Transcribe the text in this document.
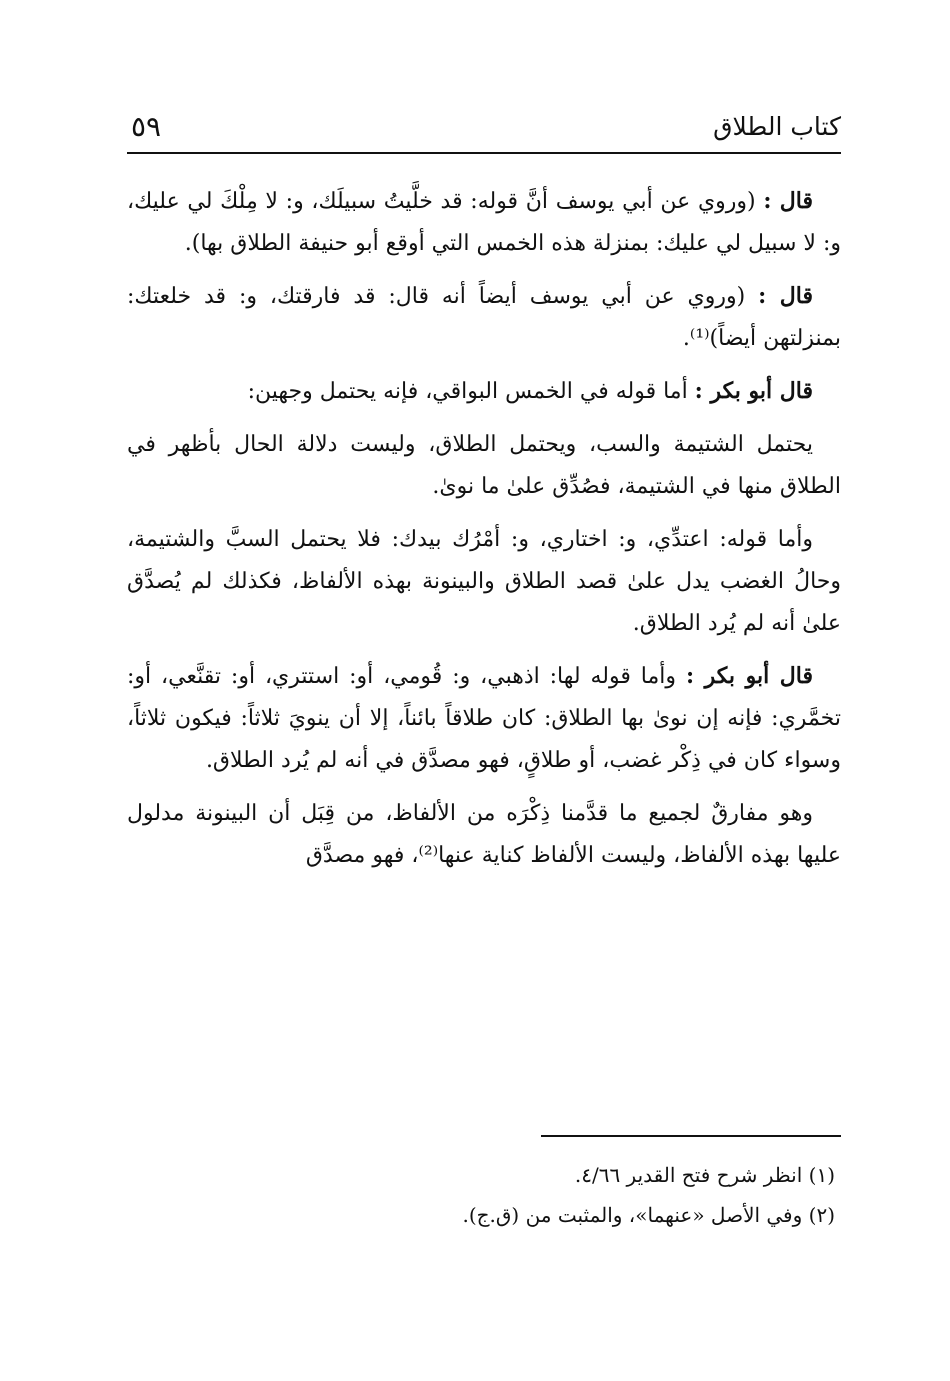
كتاب الطلاق
٥٩

قال : (وروي عن أبي يوسف أنَّ قوله: قد خلَّيتُ سبيلَك، و: لا مِلْكَ لي عليك، و: لا سبيل لي عليك: بمنزلة هذه الخمس التي أوقع أبو حنيفة الطلاق بها).

قال : (وروي عن أبي يوسف أيضاً أنه قال: قد فارقتك، و: قد خلعتك: بمنزلتهن أيضاً)⁽¹⁾.

قال أبو بكر : أما قوله في الخمس البواقي، فإنه يحتمل وجهين:

يحتمل الشتيمة والسب، ويحتمل الطلاق، وليست دلالة الحال بأظهر في الطلاق منها في الشتيمة، فصُدِّق علىٰ ما نوىٰ.

وأما قوله: اعتدِّي، و: اختاري، و: أمْرُك بيدك: فلا يحتمل السبَّ والشتيمة، وحالُ الغضب يدل علىٰ قصد الطلاق والبينونة بهذه الألفاظ، فكذلك لم يُصدَّق علىٰ أنه لم يُرد الطلاق.

قال أبو بكر : وأما قوله لها: اذهبي، و: قُومي، أو: استتري، أو: تقنَّعي، أو: تخمَّري: فإنه إن نوىٰ بها الطلاق: كان طلاقاً بائناً، إلا أن ينويَ ثلاثاً: فيكون ثلاثاً، وسواء كان في ذِكْر غضب، أو طلاقٍ، فهو مصدَّق في أنه لم يُرد الطلاق.

وهو مفارقٌ لجميع ما قدَّمنا ذِكْرَه من الألفاظ، من قِبَل أن البينونة مدلول عليها بهذه الألفاظ، وليست الألفاظ كناية عنها⁽²⁾، فهو مصدَّق

(١) انظر شرح فتح القدير ٤/٦٦.

(٢) وفي الأصل «عنهما»، والمثبت من (ق.ج).
